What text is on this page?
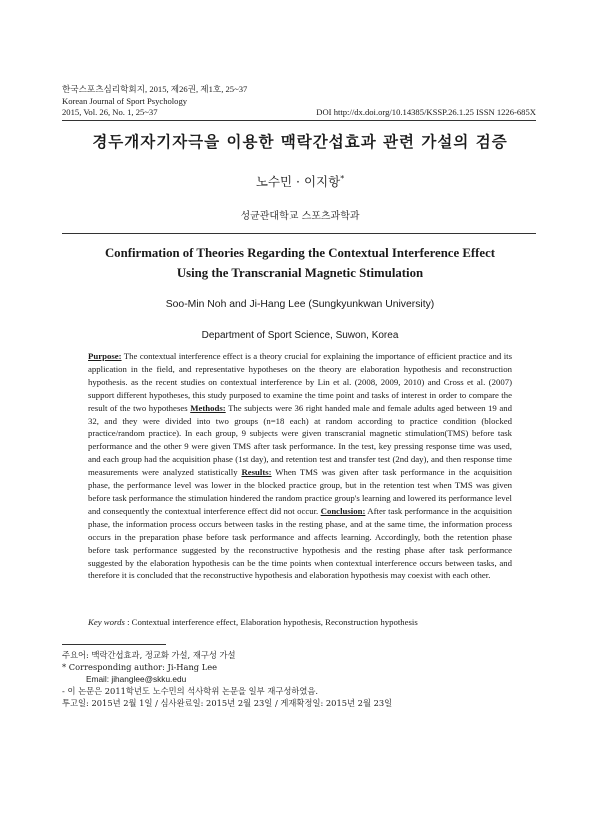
한국스포츠심리학회지, 2015, 제26권, 제1호, 25~37
Korean Journal of Sport Psychology
2015, Vol. 26, No. 1, 25~37	DOI http://dx.doi.org/10.14385/KSSP.26.1.25 ISSN 1226-685X
경두개자기자극을 이용한 맥락간섭효과 관련 가설의 검증
노수민 · 이지항*
성균관대학교 스포츠과학과
Confirmation of Theories Regarding the Contextual Interference Effect
Using the Transcranial Magnetic Stimulation
Soo-Min Noh and Ji-Hang Lee (Sungkyunkwan University)
Department of Sport Science, Suwon, Korea
Purpose: The contextual interference effect is a theory crucial for explaining the importance of efficient practice and its application in the field, and representative hypotheses on the theory are elaboration hypothesis and reconstruction hypothesis. as the recent studies on contextual interference by Lin et al. (2008, 2009, 2010) and Cross et al. (2007) support different hypotheses, this study purposed to examine the time point and tasks of interest in order to compare the result of the two hypotheses Methods: The subjects were 36 right handed male and female adults aged between 19 and 32, and they were divided into two groups (n=18 each) at random according to practice condition (blocked practice/random practice). In each group, 9 subjects were given transcranial magnetic stimulation(TMS) before task performance and the other 9 were given TMS after task performance. In the test, key pressing response time was used, and each group had the acquisition phase (1st day), and retention test and transfer test (2nd day), and then response time measurements were analyzed statistically Results: When TMS was given after task performance in the acquisition phase, the performance level was lower in the blocked practice group, but in the retention test when TMS was given before task performance the stimulation hindered the random practice group's learning and lowered its performance level and consequently the contextual interference effect did not occur. Conclusion: After task performance in the acquisition phase, the information process occurs between tasks in the resting phase, and at the same time, the information process occurs in the preparation phase before task performance and affects learning. Accordingly, both the retention phase before task performance suggested by the reconstructive hypothesis and the resting phase after task performance suggested by the elaboration hypothesis can be the time points when contextual interference occurs between tasks, and therefore it is concluded that the reconstructive hypothesis and elaboration hypothesis may coexist with each other.
Key words : Contextual interference effect, Elaboration hypothesis, Reconstruction hypothesis
주요어: 맥락간섭효과, 정교화 가설, 재구성 가설
* Corresponding author: Ji-Hang Lee
Email: jihanglee@skku.edu
- 이 논문은 2011학년도 노수민의 석사학위 논문을 일부 재구성하였음.
투고일: 2015년 2월 1일 / 심사완료일: 2015년 2월 23일 / 게재확정일: 2015년 2월 23일
